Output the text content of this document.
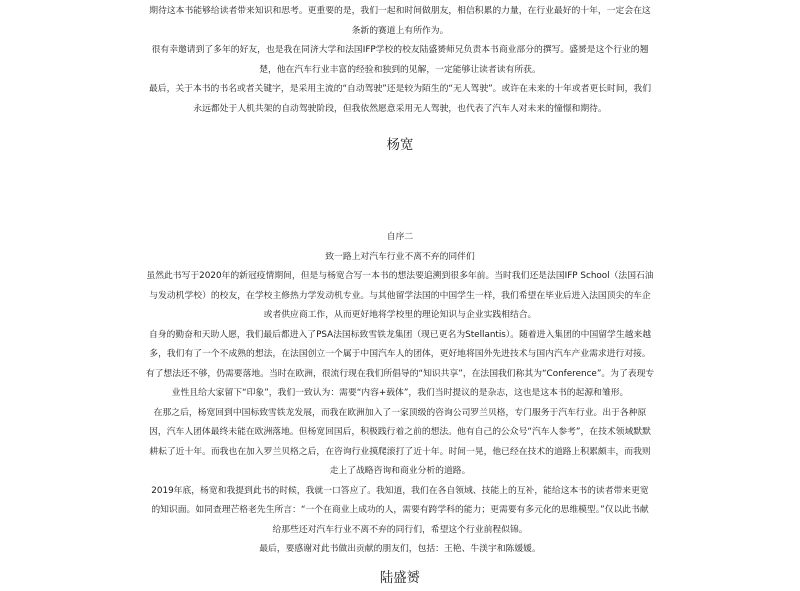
期待这本书能够给读者带来知识和思考。更重要的是，我们一起和时间做朋友，相信积累的力量，在行业最好的十年，一定会在这

条新的赛道上有所作为。

很有幸邀请到了多年的好友，也是我在同济大学和法国IFP学校的校友陆盛赟师兄负责本书商业部分的撰写。盛赟是这个行业的翘

楚，他在汽车行业丰富的经验和独到的见解，一定能够让读者读有所获。

最后，关于本书的书名或者关键字，是采用主流的“自动驾驶”还是较为陌生的“无人驾驶”。或许在未来的十年或者更长时间，我们

永远都处于人机共架的自动驾驶阶段，但我依然愿意采用无人驾驶，也代表了汽车人对未来的憧憬和期待。

杨宽

自序二

致一路上对汽车行业不离不弃的同伴们

虽然此书写于2020年的新冠疫情期间，但是与杨宽合写一本书的想法要追溯到很多年前。当时我们还是法国IFP School（法国石油

与发动机学校）的校友，在学校主修热力学发动机专业。与其他留学法国的中国学生一样，我们希望在毕业后进入法国顶尖的车企

或者供应商工作，从而更好地将学校里的理论知识与企业实践相结合。

自身的勤奋和天助人愿，我们最后都进入了PSA法国标致雪铁龙集团（现已更名为Stellantis）。随着进入集团的中国留学生越来越

多，我们有了一个不成熟的想法，在法国创立一个属于中国汽车人的团体，更好地将国外先进技术与国内汽车产业需求进行对接。

有了想法还不够，仍需要落地。当时在欧洲，很流行现在我们所倡导的“知识共享”，在法国我们称其为“Conference”。为了表现专

业性且给大家留下“印象”，我们一致认为：需要“内容+载体”，我们当时提议的是杂志，这也是这本书的起源和雏形。

在那之后，杨宽回到中国标致雪铁龙发展，而我在欧洲加入了一家顶级的咨询公司罗兰贝格，专门服务于汽车行业。出于各种原

因，汽车人团体最终未能在欧洲落地。但杨宽回国后，积极践行着之前的想法。他有自己的公众号“汽车人参考”，在技术领域默默

耕耘了近十年。而我也在加入罗兰贝格之后，在咨询行业摸爬滚打了近十年。时间一晃，他已经在技术的道路上积累颇丰，而我则

走上了战略咨询和商业分析的道路。

2019年底，杨宽和我提到此书的时候，我就一口答应了。我知道，我们在各自领域、技能上的互补，能给这本书的读者带来更宽

的知识面。如同查理芒格老先生所言：“一个在商业上成功的人，需要有跨学科的能力；更需要有多元化的思维模型。”仅以此书献

给那些还对汽车行业不离不弃的同行们，希望这个行业前程似锦。

最后，要感谢对此书做出贡献的朋友们，包括：王艳、牛渼宇和陈媛媛。

陆盛赟
